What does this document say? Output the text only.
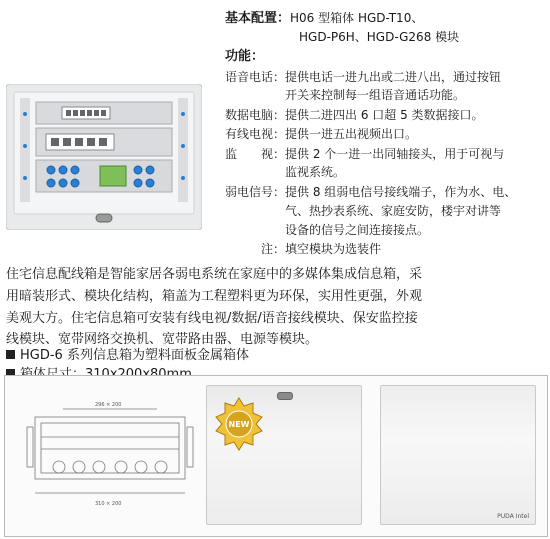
基本配置：H06 型箱体 HGD-T10、
HGD-P6H、HGD-G268 模块
功能：
语音电话：提供电话一进九出或二进八出，通过按钮
开关来控制每一组语音通话功能。
数据电脑：提供二进四出 6 口超 5 类数据接口。
有线电视：提供一进五出视频出口。
监　　视：提供 2 个一进一出同轴接头，用于可视与
监视系统。
弱电信号：提供 8 组弱电信号接线端子，作为水、电、
气、热抄表系统、家庭安防，楼宇对讲等
设备的信号之间连接接点。
注：填空模块为选装件
住宅信息配线箱是智能家居各弱电系统在家庭中的多媒体集成信息箱，采
用暗装形式、模块化结构，箱盖为工程塑料更为环保，实用性更强，外观
美观大方。住宅信息箱可安装有线电视/数据/语音接线模块、保安监控接
线模块、宽带网络交换机、宽带路由器、电源等模块。
HGD-6 系列信息箱为塑料面板金属箱体
296 × 200
310 × 200
NEW
PUDA Intel
